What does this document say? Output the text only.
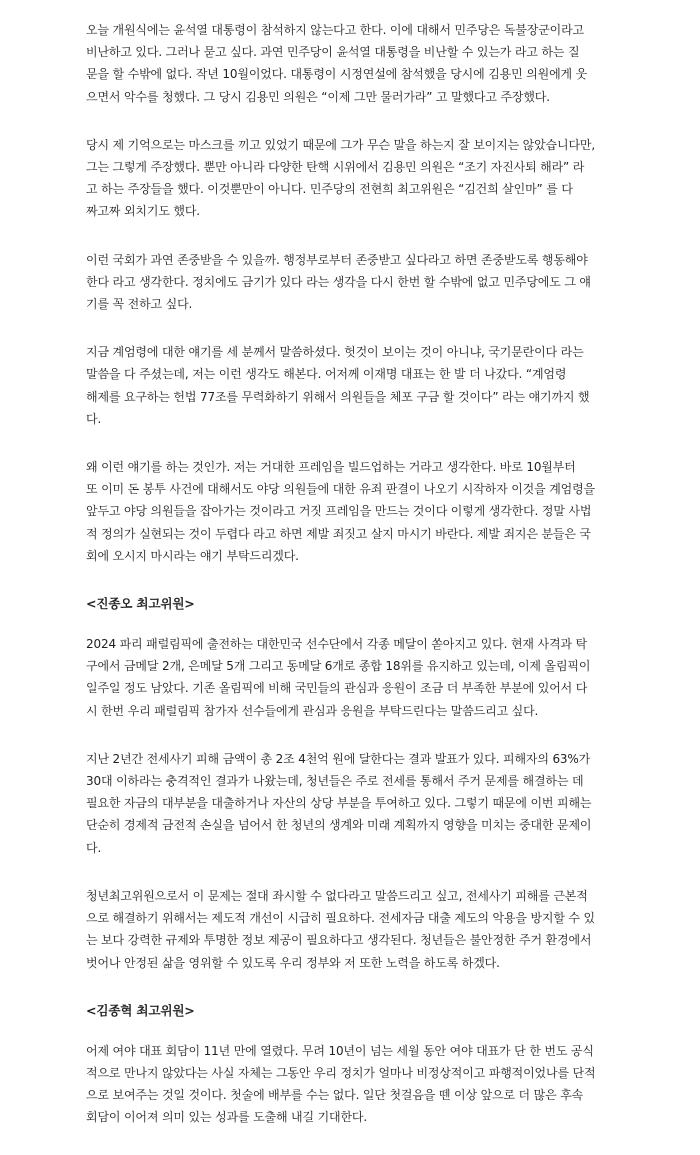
오늘 개원식에는 윤석열 대통령이 참석하지 않는다고 한다. 이에 대해서 민주당은 독불장군이라고
비난하고 있다. 그러나 묻고 싶다. 과연 민주당이 윤석열 대통령을 비난할 수 있는가 라고 하는 질
문을 할 수밖에 없다. 작년 10월이었다. 대통령이 시정연설에 참석했을 당시에 김용민 의원에게 웃
으면서 악수를 청했다. 그 당시 김용민 의원은 “이제 그만 물러가라” 고 말했다고 주장했다.
당시 제 기억으로는 마스크를 끼고 있었기 때문에 그가 무슨 말을 하는지 잘 보이지는 않았습니다만,
그는 그렇게 주장했다. 뿐만 아니라 다양한 탄핵 시위에서 김용민 의원은 “조기 자진사퇴 해라” 라
고 하는 주장들을 했다. 이것뿐만이 아니다. 민주당의 전현희 최고위원은 “김건희 살인마” 를 다
짜고짜 외치기도 했다.
이런 국회가 과연 존중받을 수 있을까. 행정부로부터 존중받고 싶다라고 하면 존중받도록 행동해야
한다 라고 생각한다. 정치에도 금기가 있다 라는 생각을 다시 한번 할 수밖에 없고 민주당에도 그 얘
기를 꼭 전하고 싶다.
지금 계엄령에 대한 얘기를 세 분께서 말씀하셨다. 헛것이 보이는 것이 아니냐, 국기문란이다 라는
말씀을 다 주셨는데, 저는 이런 생각도 해본다. 어저께 이재명 대표는 한 발 더 나갔다. “계엄령
해제를 요구하는 헌법 77조를 무력화하기 위해서 의원들을 체포 구금 할 것이다” 라는 얘기까지 했
다.
왜 이런 얘기를 하는 것인가. 저는 거대한 프레임을 빌드업하는 거라고 생각한다. 바로 10월부터
또 이미 돈 봉투 사건에 대해서도 야당 의원들에 대한 유죄 판결이 나오기 시작하자 이것을 계엄령을
앞두고 야당 의원들을 잡아가는 것이라고 거짓 프레임을 만드는 것이다 이렇게 생각한다. 정말 사법
적 정의가 실현되는 것이 두렵다 라고 하면 제발 죄짓고 살지 마시기 바란다. 제발 죄지은 분들은 국
회에 오시지 마시라는 얘기 부탁드리겠다.
<진종오 최고위원>
2024 파리 패럴림픽에 출전하는 대한민국 선수단에서 각종 메달이 쏟아지고 있다. 현재 사격과 탁
구에서 금메달 2개, 은메달 5개 그리고 동메달 6개로 종합 18위를 유지하고 있는데, 이제 올림픽이
일주일 정도 남았다. 기존 올림픽에 비해 국민들의 관심과 응원이 조금 더 부족한 부분에 있어서 다
시 한번 우리 패럴림픽 참가자 선수들에게 관심과 응원을 부탁드린다는 말씀드리고 싶다.
지난 2년간 전세사기 피해 금액이 총 2조 4천억 원에 달한다는 결과 발표가 있다. 피해자의 63%가
30대 이하라는 충격적인 결과가 나왔는데, 청년들은 주로 전세를 통해서 주거 문제를 해결하는 데
필요한 자금의 대부분을 대출하거나 자산의 상당 부분을 투여하고 있다. 그렇기 때문에 이번 피해는
단순히 경제적 금전적 손실을 넘어서 한 청년의 생계와 미래 계획까지 영향을 미치는 중대한 문제이
다.
청년최고위원으로서 이 문제는 절대 좌시할 수 없다라고 말씀드리고 싶고, 전세사기 피해를 근본적
으로 해결하기 위해서는 제도적 개선이 시급히 필요하다. 전세자금 대출 제도의 악용을 방지할 수 있
는 보다 강력한 규제와 투명한 정보 제공이 필요하다고 생각된다. 청년들은 불안정한 주거 환경에서
벗어나 안정된 삶을 영위할 수 있도록 우리 정부와 저 또한 노력을 하도록 하겠다.
<김종혁 최고위원>
어제 여야 대표 회담이 11년 만에 열렸다. 무려 10년이 넘는 세월 동안 여야 대표가 단 한 번도 공식
적으로 만나지 않았다는 사실 자체는 그동안 우리 정치가 얼마나 비정상적이고 파행적이었나를 단적
으로 보여주는 것일 것이다. 첫술에 배부를 수는 없다. 일단 첫걸음을 뗀 이상 앞으로 더 많은 후속
회담이 이어져 의미 있는 성과를 도출해 내길 기대한다.
